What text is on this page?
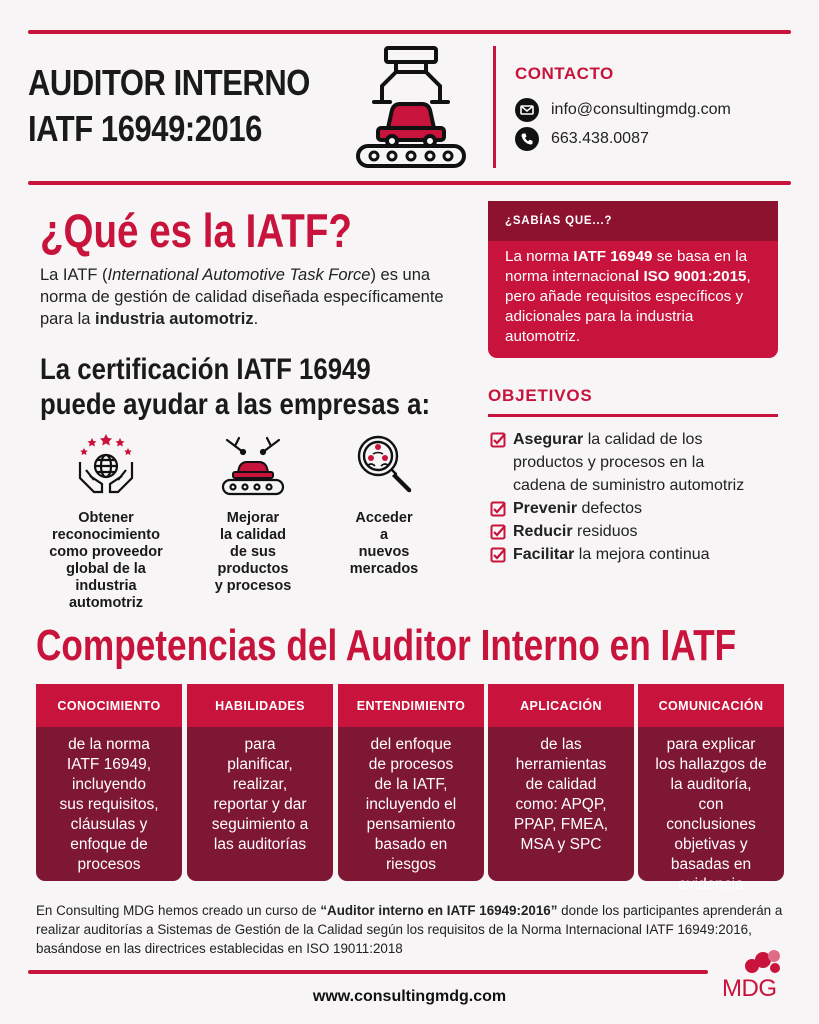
AUDITOR INTERNO
IATF 16949:2016
CONTACTO
info@consultingmdg.com
663.438.0087
¿Qué es la IATF?
La IATF (International Automotive Task Force) es una norma de gestión de calidad diseñada específicamente para la industria automotriz.
La certificación IATF 16949
puede ayudar a las empresas a:
Obtener
reconocimiento
como proveedor
global de la
industria
automotriz
Mejorar
la calidad
de sus
productos
y procesos
Acceder
a
nuevos
mercados
¿SABÍAS QUE...?
La norma IATF 16949 se basa en la norma internacional ISO 9001:2015, pero añade requisitos específicos y adicionales para la industria automotriz.
OBJETIVOS
Asegurar la calidad de los productos y procesos en la cadena de suministro automotriz
Prevenir defectos
Reducir residuos
Facilitar la mejora continua
Competencias del Auditor Interno en IATF
CONOCIMIENTO
de la norma
IATF 16949,
incluyendo
sus requisitos,
cláusulas y
enfoque de
procesos
HABILIDADES
para
planificar,
realizar,
reportar y dar
seguimiento a
las auditorías
ENTENDIMIENTO
del enfoque
de procesos
de la IATF,
incluyendo el
pensamiento
basado en
riesgos
APLICACIÓN
de las
herramientas
de calidad
como: APQP,
PPAP, FMEA,
MSA y SPC
COMUNICACIÓN
para explicar
los hallazgos de
la auditoría,
con
conclusiones
objetivas y
basadas en
evidencia
En Consulting MDG hemos creado un curso de “Auditor interno en IATF 16949:2016” donde los participantes aprenderán a realizar auditorías a Sistemas de Gestión de la Calidad según los requisitos de la Norma Internacional IATF 16949:2016, basándose en las directrices establecidas en ISO 19011:2018
MDG
www.consultingmdg.com
